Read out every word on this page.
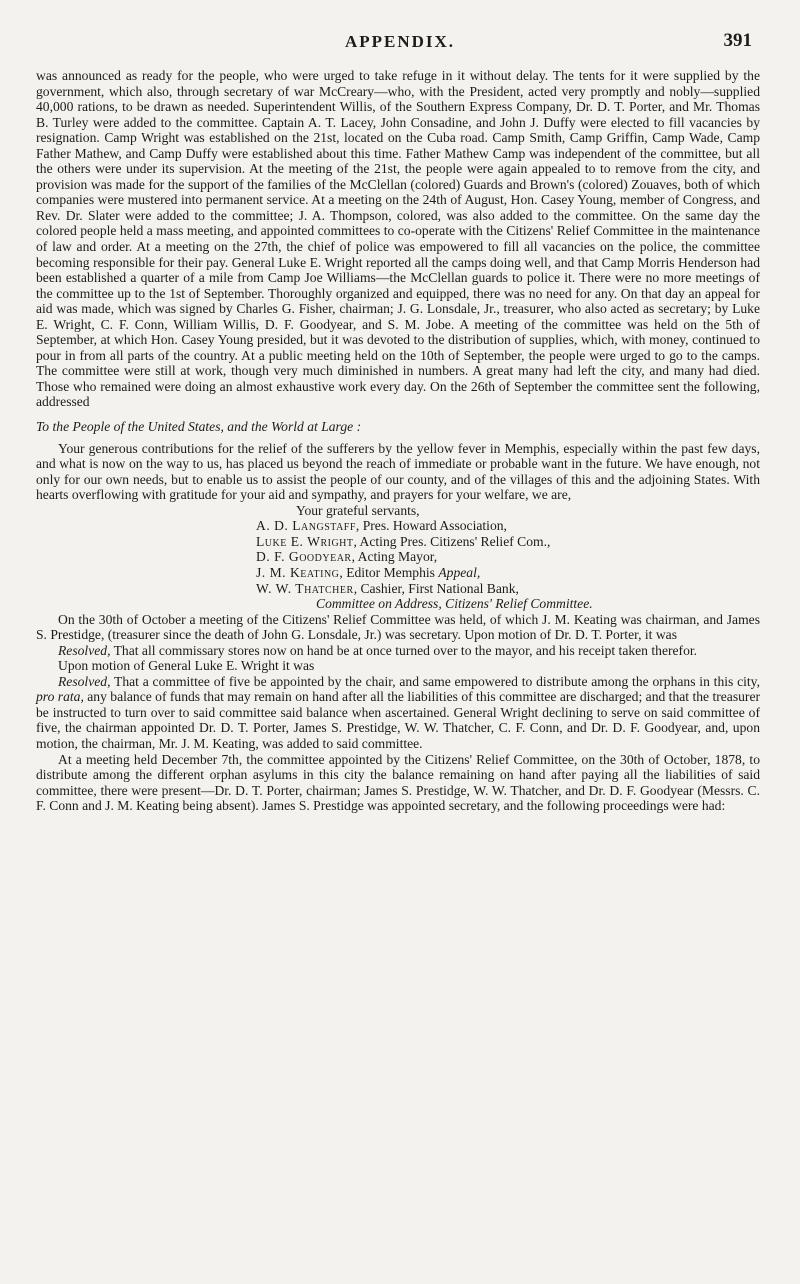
APPENDIX.	391

was announced as ready for the people, who were urged to take refuge in it without delay. The tents for it were supplied by the government, which also, through secretary of war McCreary—who, with the President, acted very promptly and nobly—supplied 40,000 rations, to be drawn as needed. Superintendent Willis, of the Southern Express Company, Dr. D. T. Porter, and Mr. Thomas B. Turley were added to the committee. Captain A. T. Lacey, John Consadine, and John J. Duffy were elected to fill vacancies by resignation. Camp Wright was established on the 21st, located on the Cuba road. Camp Smith, Camp Griffin, Camp Wade, Camp Father Mathew, and Camp Duffy were established about this time. Father Mathew Camp was independent of the committee, but all the others were under its supervision. At the meeting of the 21st, the people were again appealed to to remove from the city, and provision was made for the support of the families of the McClellan (colored) Guards and Brown's (colored) Zouaves, both of which companies were mustered into permanent service. At a meeting on the 24th of August, Hon. Casey Young, member of Congress, and Rev. Dr. Slater were added to the committee; J. A. Thompson, colored, was also added to the committee. On the same day the colored people held a mass meeting, and appointed committees to co-operate with the Citizens' Relief Committee in the maintenance of law and order. At a meeting on the 27th, the chief of police was empowered to fill all vacancies on the police, the committee becoming responsible for their pay. General Luke E. Wright reported all the camps doing well, and that Camp Morris Henderson had been established a quarter of a mile from Camp Joe Williams—the McClellan guards to police it. There were no more meetings of the committee up to the 1st of September. Thoroughly organized and equipped, there was no need for any. On that day an appeal for aid was made, which was signed by Charles G. Fisher, chairman; J. G. Lonsdale, Jr., treasurer, who also acted as secretary; by Luke E. Wright, C. F. Conn, William Willis, D. F. Goodyear, and S. M. Jobe. A meeting of the committee was held on the 5th of September, at which Hon. Casey Young presided, but it was devoted to the distribution of supplies, which, with money, continued to pour in from all parts of the country. At a public meeting held on the 10th of September, the people were urged to go to the camps. The committee were still at work, though very much diminished in numbers. A great many had left the city, and many had died. Those who remained were doing an almost exhaustive work every day. On the 26th of September the committee sent the following, addressed

To the People of the United States, and the World at Large :

Your generous contributions for the relief of the sufferers by the yellow fever in Memphis, especially within the past few days, and what is now on the way to us, has placed us beyond the reach of immediate or probable want in the future. We have enough, not only for our own needs, but to enable us to assist the people of our county, and of the villages of this and the adjoining States. With hearts overflowing with gratitude for your aid and sympathy, and prayers for your welfare, we are,

Your grateful servants,
A. D. Langstaff, Pres. Howard Association,
Luke E. Wright, Acting Pres. Citizens' Relief Com.,
D. F. Goodyear, Acting Mayor,
J. M. Keating, Editor Memphis Appeal,
W. W. Thatcher, Cashier, First National Bank,
Committee on Address, Citizens' Relief Committee.

On the 30th of October a meeting of the Citizens' Relief Committee was held, of which J. M. Keating was chairman, and James S. Prestidge, (treasurer since the death of John G. Lonsdale, Jr.) was secretary. Upon motion of Dr. D. T. Porter, it was

Resolved, That all commissary stores now on hand be at once turned over to the mayor, and his receipt taken therefor.

Upon motion of General Luke E. Wright it was

Resolved, That a committee of five be appointed by the chair, and same empowered to distribute among the orphans in this city, pro rata, any balance of funds that may remain on hand after all the liabilities of this committee are discharged; and that the treasurer be instructed to turn over to said committee said balance when ascertained. General Wright declining to serve on said committee of five, the chairman appointed Dr. D. T. Porter, James S. Prestidge, W. W. Thatcher, C. F. Conn, and Dr. D. F. Goodyear, and, upon motion, the chairman, Mr. J. M. Keating, was added to said committee.

At a meeting held December 7th, the committee appointed by the Citizens' Relief Committee, on the 30th of October, 1878, to distribute among the different orphan asylums in this city the balance remaining on hand after paying all the liabilities of said committee, there were present—Dr. D. T. Porter, chairman; James S. Prestidge, W. W. Thatcher, and Dr. D. F. Goodyear (Messrs. C. F. Conn and J. M. Keating being absent). James S. Prestidge was appointed secretary, and the following proceedings were had:
